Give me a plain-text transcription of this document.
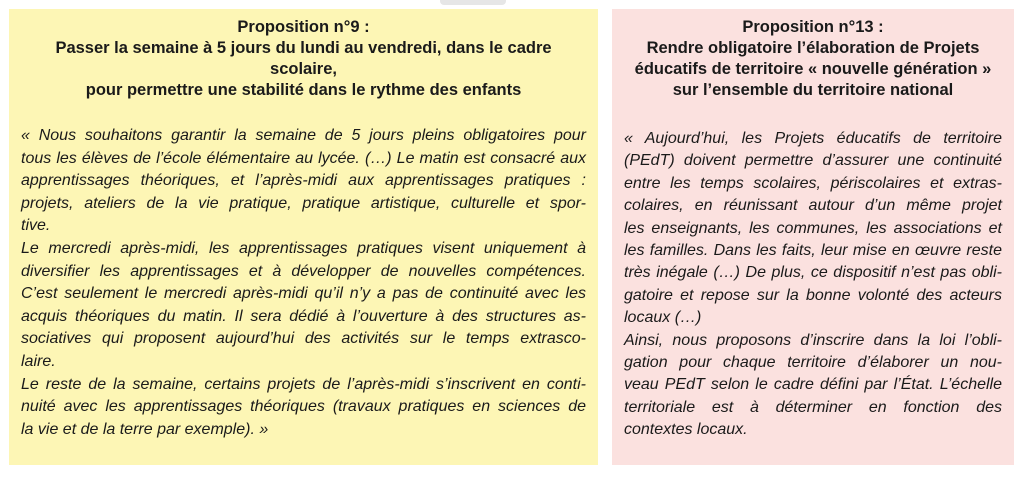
Proposition n°9 :
Passer la semaine à 5 jours du lundi au vendredi, dans le cadre scolaire,
pour permettre une stabilité dans le rythme des enfants

« Nous souhaitons garantir la semaine de 5 jours pleins obligatoires pour
tous les élèves de l’école élémentaire au lycée. (…) Le matin est consacré aux
apprentissages théoriques, et l’après-midi aux apprentissages pratiques :
projets, ateliers de la vie pratique, pratique artistique, culturelle et spor-
tive.
Le mercredi après-midi, les apprentissages pratiques visent uniquement à
diversifier les apprentissages et à développer de nouvelles compétences.
C’est seulement le mercredi après-midi qu’il n’y a pas de continuité avec les
acquis théoriques du matin. Il sera dédié à l’ouverture à des structures as-
sociatives qui proposent aujourd’hui des activités sur le temps extrasco-
laire.
Le reste de la semaine, certains projets de l’après-midi s’inscrivent en conti-
nuité avec les apprentissages théoriques (travaux pratiques en sciences de
la vie et de la terre par exemple). »

Proposition n°13 :
Rendre obligatoire l’élaboration de Projets
éducatifs de territoire « nouvelle génération »
sur l’ensemble du territoire national

« Aujourd’hui, les Projets éducatifs de territoire
(PEdT) doivent permettre d’assurer une continuité
entre les temps scolaires, périscolaires et extras-
colaires, en réunissant autour d’un même projet
les enseignants, les communes, les associations et
les familles. Dans les faits, leur mise en œuvre reste
très inégale (…) De plus, ce dispositif n’est pas obli-
gatoire et repose sur la bonne volonté des acteurs
locaux (…)
Ainsi, nous proposons d’inscrire dans la loi l’obli-
gation pour chaque territoire d’élaborer un nou-
veau PEdT selon le cadre défini par l’État. L’échelle
territoriale est à déterminer en fonction des
contextes locaux.
